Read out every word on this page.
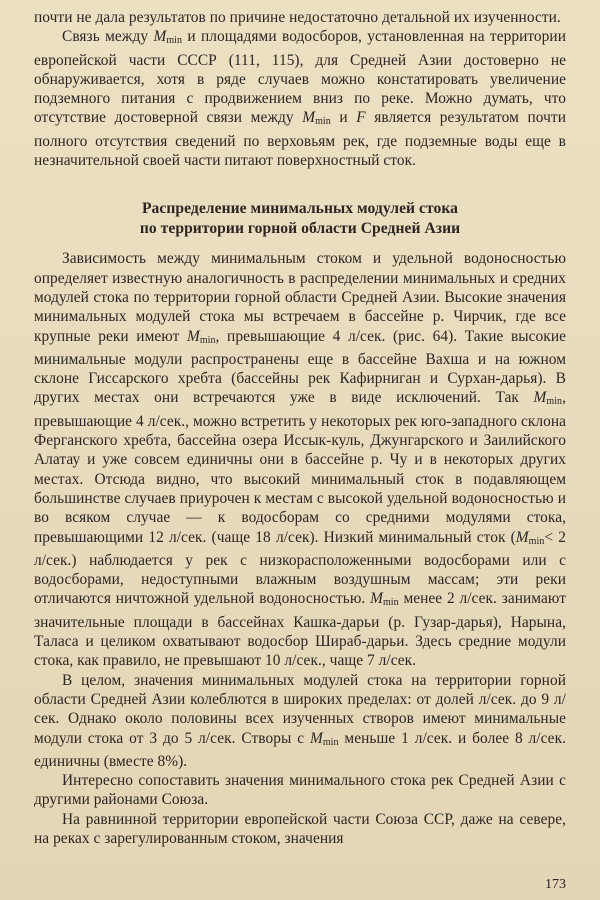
почти не дала результатов по причине недостаточно детальной их изученности.

Связь между $M_{min}$ и площадями водосборов, установленная на территории европейской части СССР (111, 115), для Средней Азии достоверно не обнаруживается, хотя в ряде случаев можно констатировать увеличение подземного питания с продвижением вниз по реке. Можно думать, что отсутствие достоверной связи между $M_{min}$ и F является результатом почти полного отсутствия сведений по верховьям рек, где подземные воды еще в незначительной своей части питают поверхностный сток.

Распределение минимальных модулей стока
по территории горной области Средней Азии

Зависимость между минимальным стоком и удельной водоносностью определяет известную аналогичность в распределении минимальных и средних модулей стока по территории горной области Средней Азии. Высокие значения минимальных модулей стока мы встречаем в бассейне р. Чирчик, где все крупные реки имеют $M_{min}$, превышающие 4 л/сек. (рис. 64). Такие высокие минимальные модули распространены еще в бассейне Вахша и на южном склоне Гиссарского хребта (бассейны рек Кафирниган и Сурхан-дарья). В других местах они встречаются уже в виде исключений. Так $M_{min}$, превышающие 4 л/сек., можно встретить у некоторых рек юго-западного склона Ферганского хребта, бассейна озера Иссык-куль, Джунгарского и Заилийского Алатау и уже совсем единичны они в бассейне р. Чу и в некоторых других местах. Отсюда видно, что высокий минимальный сток в подавляющем большинстве случаев приурочен к местам с высокой удельной водоносностью и во всяком случае — к водосборам со средними модулями стока, превышающими 12 л/сек. (чаще 18 л/сек). Низкий минимальный сток ($M_{min}< 2$ л/сек.) наблюдается у рек с низкорасположенными водосборами или с водосборами, недоступными влажным воздушным массам; эти реки отличаются ничтожной удельной водоносностью. $M_{min}$ менее 2 л/сек. занимают значительные площади в бассейнах Кашка-дарьи (р. Гузар-дарья), Нарына, Таласа и целиком охватывают водосбор Шираб-дарьи. Здесь средние модули стока, как правило, не превышают 10 л/сек., чаще 7 л/сек.

В целом, значения минимальных модулей стока на территории горной области Средней Азии колеблются в широких пределах: от долей л/сек. до 9 л/сек. Однако около половины всех изученных створов имеют минимальные модули стока от 3 до 5 л/сек. Створы с $M_{min}$ меньше 1 л/сек. и более 8 л/сек. единичны (вместе 8%).

Интересно сопоставить значения минимального стока рек Средней Азии с другими районами Союза.

На равнинной территории европейской части Союза ССР, даже на севере, на реках с зарегулированным стоком, значения

173
